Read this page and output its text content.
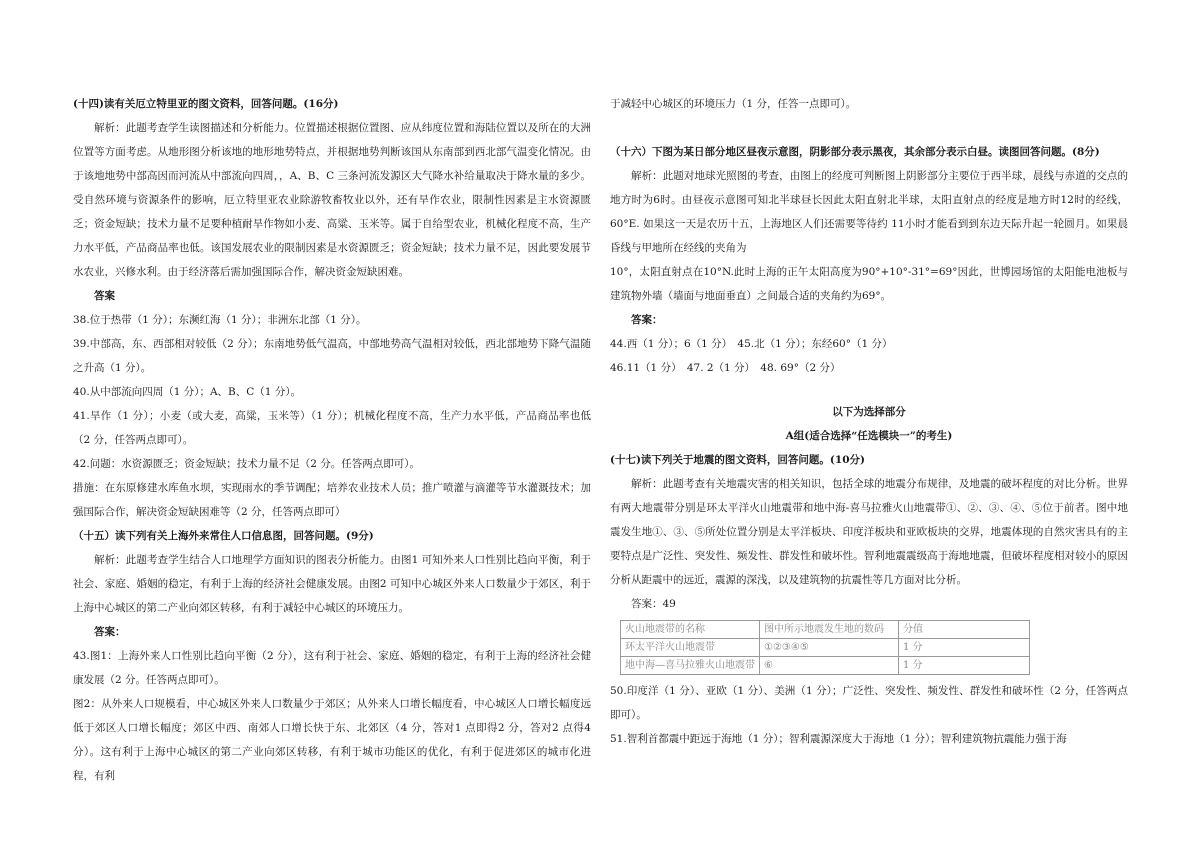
(十四)读有关厄立特里亚的图文资料，回答问题。(16分)

解析：此题考查学生读图描述和分析能力。位置描述根据位置图、应从纬度位置和海陆位置以及所在的大洲位置等方面考虑。从地形图分析该地的地形地势特点，并根据地势判断该国从东南部到西北部气温变化情况。由于该地地势中部高因而河流从中部流向四周，，A、B、C 三条河流发源区大气降水补给量取决于降水量的多少。受自然环境与资源条件的影响，厄立特里亚农业除游牧畜牧业以外，还有旱作农业，限制性因素是主水资源匮乏；资金短缺；技术力量不足要种植耐旱作物如小麦、高粱、玉米等。属于自给型农业，机械化程度不高，生产力水平低，产品商品率也低。该国发展农业的限制因素是水资源匮乏；资金短缺；技术力量不足，因此要发展节水农业，兴修水利。由于经济落后需加强国际合作，解决资金短缺困难。

答案

38.位于热带（1 分）；东濒红海（1 分）；非洲东北部（1 分）。

39.中部高，东、西部相对较低（2 分）；东南地势低气温高，中部地势高气温相对较低，西北部地势下降气温随之升高（1 分）。

40.从中部流向四周（1 分）；A、B、C（1 分）。

41.旱作（1 分）；小麦（或大麦，高粱，玉米等）（1 分）；机械化程度不高，生产力水平低，产品商品率也低（2 分，任答两点即可）。

42.问题：水资源匮乏；资金短缺；技术力量不足（2 分。任答两点即可）。

措施：在东原修建水库鱼水坝，实现雨水的季节调配；培养农业技术人员；推广喷灌与滴灌等节水灌溉技术；加强国际合作，解决资金短缺困难等（2 分，任答两点即可）

（十五）读下列有关上海外来常住人口信息图，回答问题。(9分)

解析：此题考查学生结合人口地理学方面知识的图表分析能力。由图1 可知外来人口性别比趋向平衡，利于社会、家庭、婚姻的稳定，有利于上海的经济社会健康发展。由图2 可知中心城区外来人口数量少于郊区，利于上海中心城区的第二产业向郊区转移，有利于减轻中心城区的环境压力。

答案：

43.图1：上海外来人口性别比趋向平衡（2 分），这有利于社会、家庭、婚姻的稳定，有利于上海的经济社会健康发展（2 分。任答两点即可）。

图2：从外来人口规模看，中心城区外来人口数量少于郊区；从外来人口增长幅度看，中心城区人口增长幅度远低于郊区人口增长幅度；郊区中西、南郊人口增长快于东、北郊区（4 分，答对1 点即得2 分，答对2 点得4 分）。这有利于上海中心城区的第二产业向郊区转移，有利于城市功能区的优化，有利于促进郊区的城市化进程，有利

于减轻中心城区的环境压力（1 分，任答一点即可）。

（十六）下图为某日部分地区昼夜示意图，阴影部分表示黑夜，其余部分表示白昼。读图回答问题。(8分)

解析：此题对地球光照图的考查，由图上的经度可判断图上阴影部分主要位于西半球，晨线与赤道的交点的地方时为6时。由昼夜示意图可知北半球昼长因此太阳直射北半球，太阳直射点的经度是地方时12时的经线，60°E. 如果这一天是农历十五，上海地区人们还需要等待约 11小时才能看到到东边天际升起一轮圆月。如果晨昏线与甲地所在经线的夹角为

10°，太阳直射点在10°N.此时上海的正午太阳高度为90°+10°-31°=69°因此，世博园场馆的太阳能电池板与建筑物外墙（墙面与地面垂直）之间最合适的夹角约为69°。

答案：

44.西（1 分）；6（1 分）　45.北（1 分）；东经60°（1 分）

46.11（1 分）　47. 2（1 分）　48. 69°（2 分）

以下为选择部分

A组(适合选择“任选模块一”的考生)

(十七)读下列关于地震的图文资料，回答问题。(10分)

解析：此题考查有关地震灾害的相关知识，包括全球的地震分布规律，及地震的破坏程度的对比分析。世界有两大地震带分别是环太平洋火山地震带和地中海-喜马拉雅火山地震带①、②、③、④、⑤位于前者。图中地震发生地①、③、⑤所处位置分别是太平洋板块、印度洋板块和亚欧板块的交界，地震体现的自然灾害具有的主要特点是广泛性、突发性、频发性、群发性和破坏性。智利地震震级高于海地地震，但破坏程度相对较小的原因分析从距震中的远近，震源的深浅，以及建筑物的抗震性等几方面对比分析。

答案：49

火山地震带的名称	图中所示地震发生地的数码	分值
环太平洋火山地震带	①②③④⑤	1 分
地中海—喜马拉雅火山地震带	⑥	1 分

50.印度洋（1 分）、亚欧（1 分）、美洲（1 分）；广泛性、突发性、频发性、群发性和破坏性（2 分，任答两点即可）。

51.智利首都震中距远于海地（1 分）；智利震源深度大于海地（1 分）；智利建筑物抗震能力强于海
